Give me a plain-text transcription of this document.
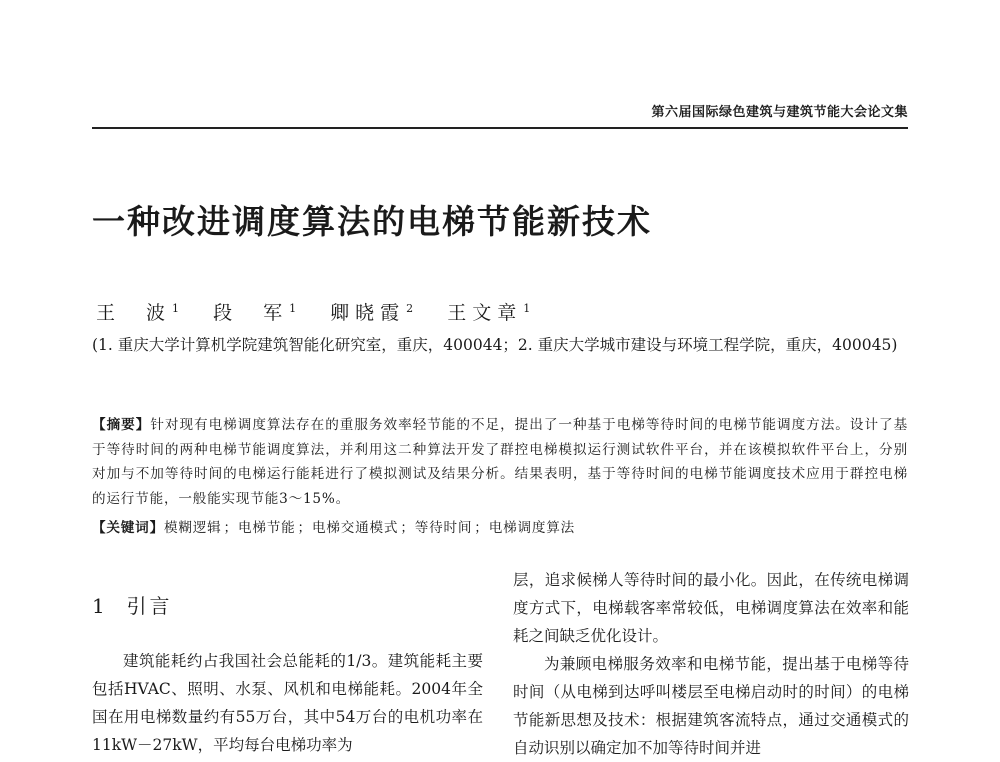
第六届国际绿色建筑与建筑节能大会论文集
一种改进调度算法的电梯节能新技术
王　波$^1$ 段　军$^1$ 卿晓霞$^2$ 王文章$^1$
(1. 重庆大学计算机学院建筑智能化研究室，重庆，400044；2. 重庆大学城市建设与环境工程学院，重庆，400045)
【摘要】针对现有电梯调度算法存在的重服务效率轻节能的不足，提出了一种基于电梯等待时间的电梯节能调度方法。设计了基于等待时间的两种电梯节能调度算法，并利用这二种算法开发了群控电梯模拟运行测试软件平台，并在该模拟软件平台上，分别对加与不加等待时间的电梯运行能耗进行了模拟测试及结果分析。结果表明，基于等待时间的电梯节能调度技术应用于群控电梯的运行节能，一般能实现节能3～15%。
【关键词】模糊逻辑 ；电梯节能 ；电梯交通模式 ；等待时间 ；电梯调度算法
1 引言

建筑能耗约占我国社会总能耗的1/3。建筑能耗主要包括HVAC、照明、水泵、风机和电梯能耗。2004年全国在用电梯数量约有55万台，其中54万台的电机功率在11kW－27kW，平均每台电梯功率为

层，追求候梯人等待时间的最小化。因此，在传统电梯调度方式下，电梯载客率常较低，电梯调度算法在效率和能耗之间缺乏优化设计。

为兼顾电梯服务效率和电梯节能，提出基于电梯等待时间（从电梯到达呼叫楼层至电梯启动时的时间）的电梯节能新思想及技术：根据建筑客流特点，通过交通模式的自动识别以确定加不加等待时间并进
